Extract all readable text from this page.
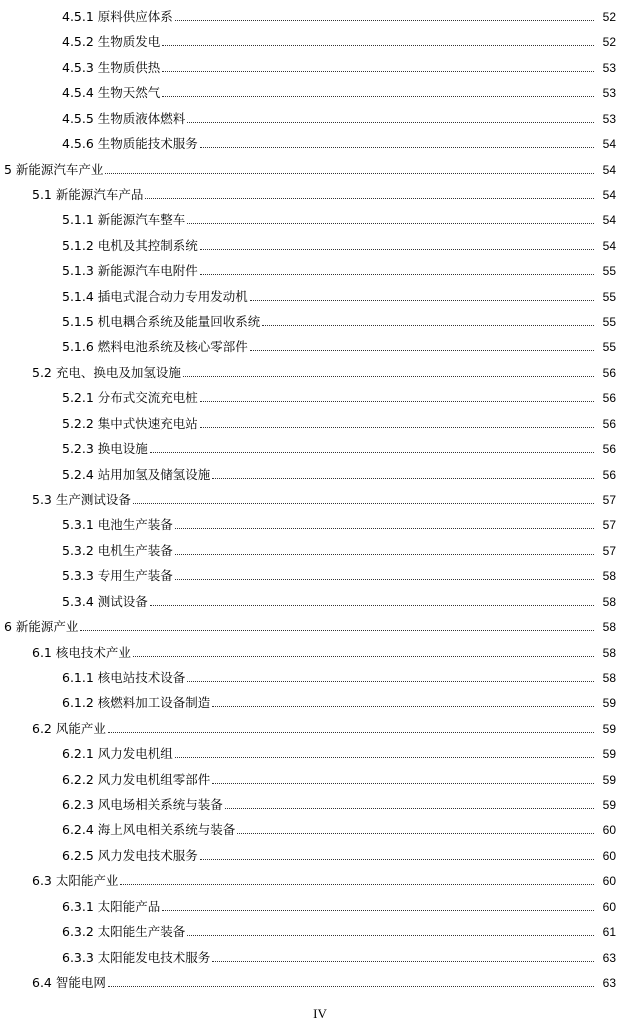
4.5.1 原料供应体系	52
4.5.2 生物质发电	52
4.5.3 生物质供热	53
4.5.4 生物天然气	53
4.5.5 生物质液体燃料	53
4.5.6 生物质能技术服务	54
5 新能源汽车产业	54
5.1 新能源汽车产品	54
5.1.1 新能源汽车整车	54
5.1.2 电机及其控制系统	54
5.1.3 新能源汽车电附件	55
5.1.4 插电式混合动力专用发动机	55
5.1.5 机电耦合系统及能量回收系统	55
5.1.6 燃料电池系统及核心零部件	55
5.2 充电、换电及加氢设施	56
5.2.1 分布式交流充电桩	56
5.2.2 集中式快速充电站	56
5.2.3 换电设施	56
5.2.4 站用加氢及储氢设施	56
5.3 生产测试设备	57
5.3.1 电池生产装备	57
5.3.2 电机生产装备	57
5.3.3 专用生产装备	58
5.3.4 测试设备	58
6 新能源产业	58
6.1 核电技术产业	58
6.1.1 核电站技术设备	58
6.1.2 核燃料加工设备制造	59
6.2 风能产业	59
6.2.1 风力发电机组	59
6.2.2 风力发电机组零部件	59
6.2.3 风电场相关系统与装备	59
6.2.4 海上风电相关系统与装备	60
6.2.5 风力发电技术服务	60
6.3 太阳能产业	60
6.3.1 太阳能产品	60
6.3.2 太阳能生产装备	61
6.3.3 太阳能发电技术服务	63
6.4 智能电网	63
IV
